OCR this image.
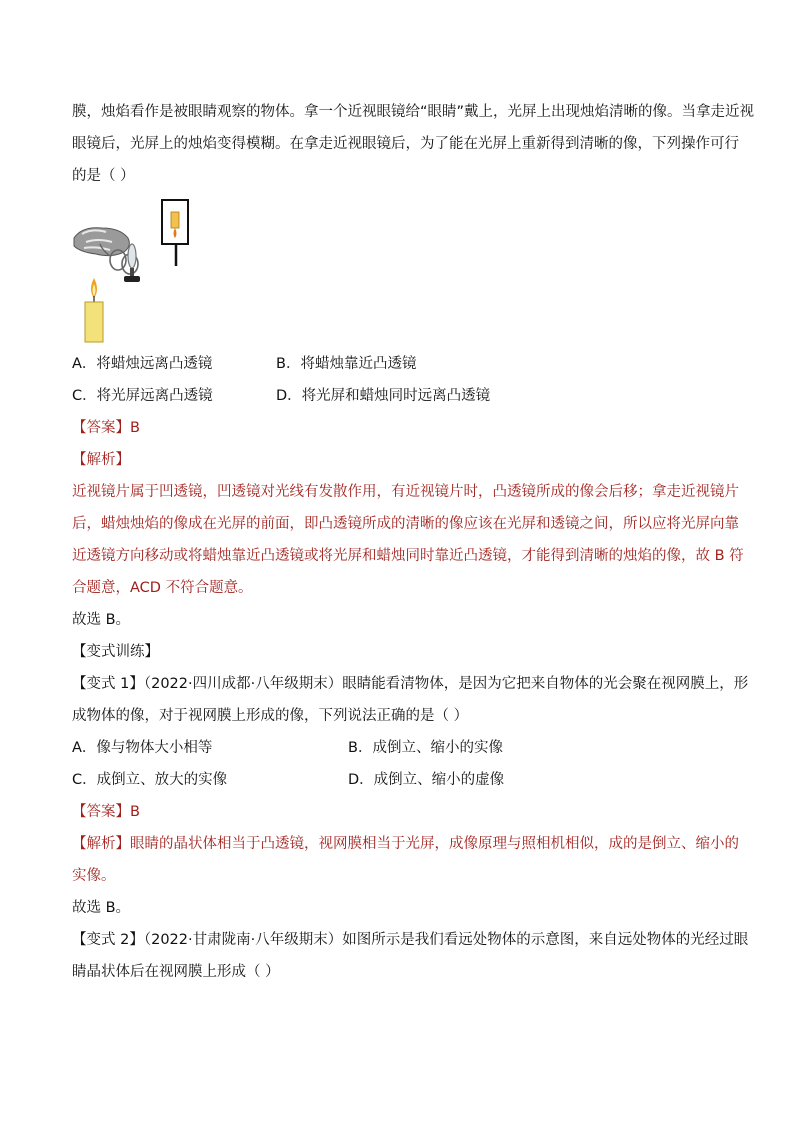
膜，烛焰看作是被眼睛观察的物体。拿一个近视眼镜给“眼睛”戴上，光屏上出现烛焰清晰的像。当拿走近视
眼镜后，光屏上的烛焰变得模糊。在拿走近视眼镜后，为了能在光屏上重新得到清晰的像，下列操作可行
的是（ ）
A．将蜡烛远离凸透镜	B．将蜡烛靠近凸透镜
C．将光屏远离凸透镜	D．将光屏和蜡烛同时远离凸透镜
【答案】B
【解析】
近视镜片属于凹透镜，凹透镜对光线有发散作用，有近视镜片时，凸透镜所成的像会后移；拿走近视镜片
后，蜡烛烛焰的像成在光屏的前面，即凸透镜所成的清晰的像应该在光屏和透镜之间，所以应将光屏向靠
近透镜方向移动或将蜡烛靠近凸透镜或将光屏和蜡烛同时靠近凸透镜，才能得到清晰的烛焰的像，故 B 符
合题意，ACD 不符合题意。
故选 B。
【变式训练】
【变式 1】（2022·四川成都·八年级期末）眼睛能看清物体，是因为它把来自物体的光会聚在视网膜上，形
成物体的像，对于视网膜上形成的像，下列说法正确的是（ ）
A．像与物体大小相等	B．成倒立、缩小的实像
C．成倒立、放大的实像	D．成倒立、缩小的虚像
【答案】B
【解析】眼睛的晶状体相当于凸透镜，视网膜相当于光屏，成像原理与照相机相似，成的是倒立、缩小的
实像。
故选 B。
【变式 2】（2022·甘肃陇南·八年级期末）如图所示是我们看远处物体的示意图，来自远处物体的光经过眼
睛晶状体后在视网膜上形成（ ）
